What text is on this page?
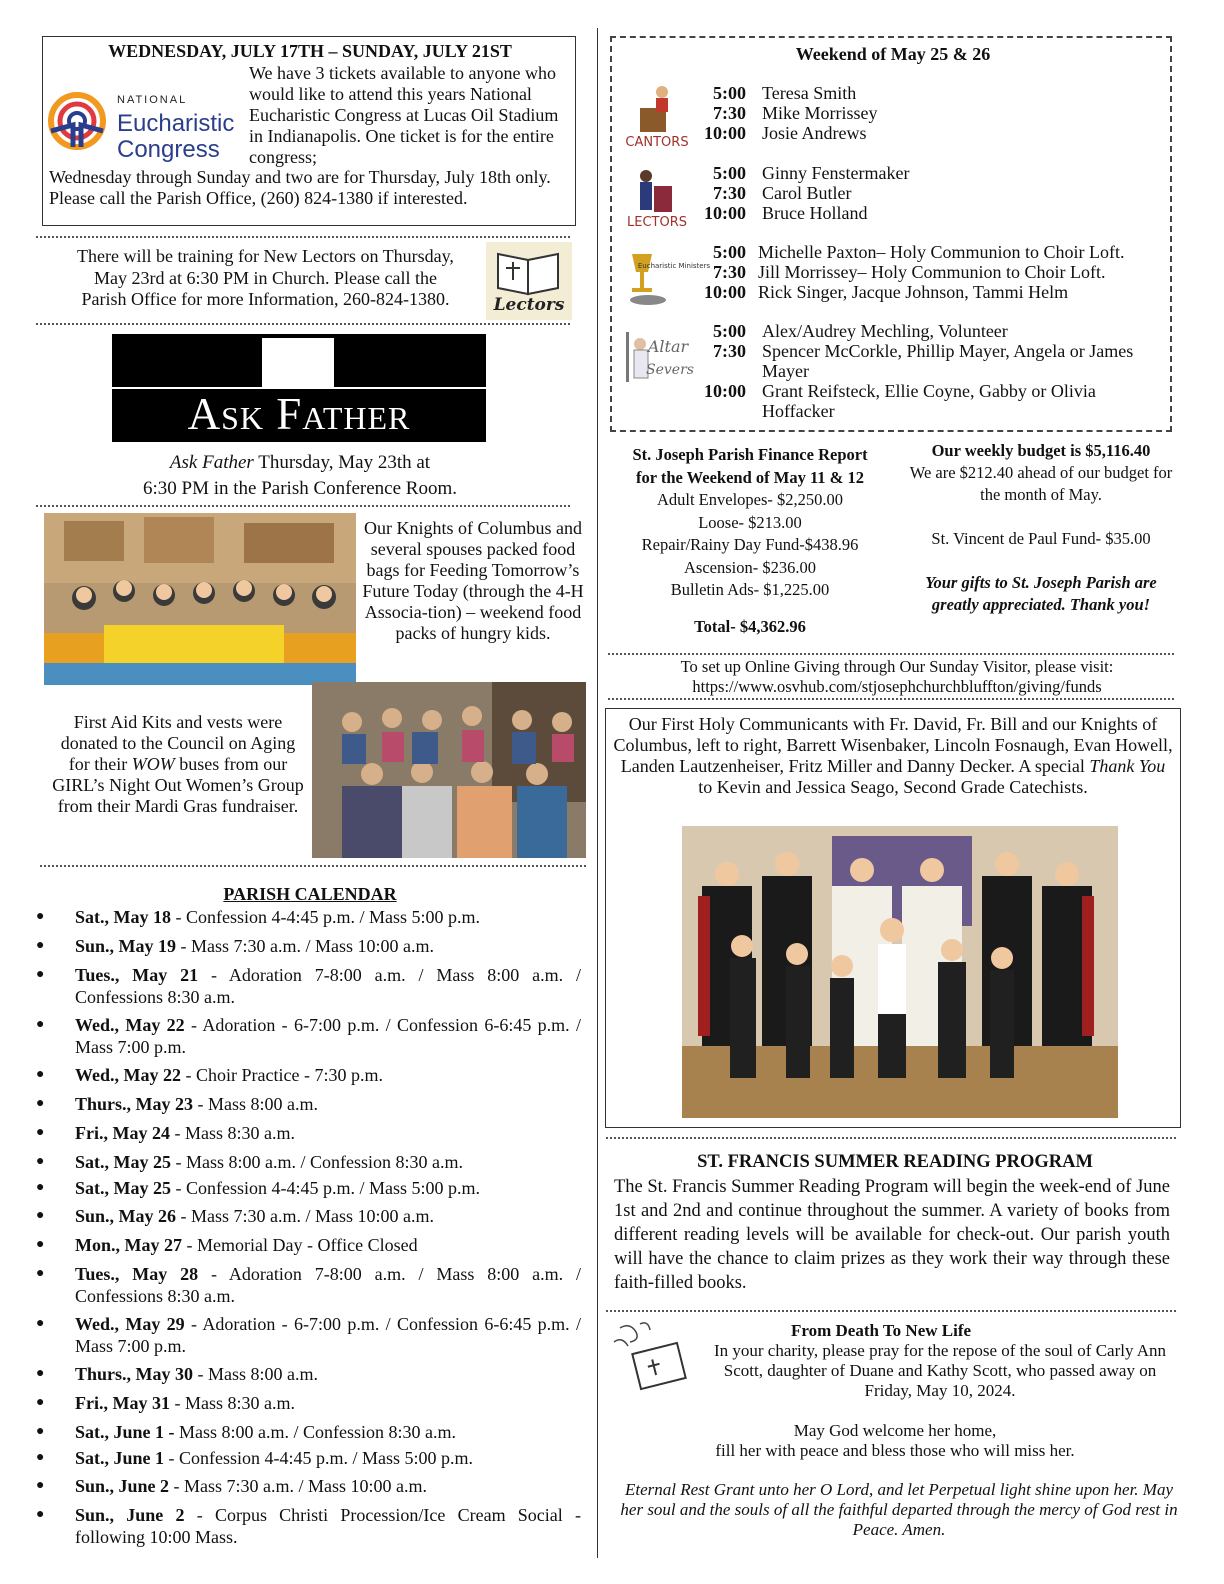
WEDNESDAY, JULY 17TH – SUNDAY, JULY 21ST
NATIONAL
Eucharistic
Congress
We have 3 tickets available to anyone who would like to attend this years National Eucharistic Congress at Lucas Oil Stadium in Indianapolis. One ticket is for the entire congress;
Wednesday through Sunday and two are for Thursday, July 18th only. Please call the Parish Office, (260) 824-1380 if interested.
There will be training for New Lectors on Thursday,
May 23rd at 6:30 PM in Church. Please call the
Parish Office for more Information, 260-824-1380.	Lectors
Ask Father
Ask Father Thursday, May 23th at
6:30 PM in the Parish Conference Room.
Our Knights of Columbus and several spouses packed food bags for Feeding Tomorrow’s Future Today (through the 4-H Associa-tion) – weekend food packs of hungry kids.
First Aid Kits and vests were donated to the Council on Aging for their WOW buses from our GIRL’s Night Out Women’s Group from their Mardi Gras fundraiser.
PARISH CALENDAR
● Sat., May 18 - Confession 4-4:45 p.m. / Mass 5:00 p.m.
● Sun., May 19 - Mass 7:30 a.m. / Mass 10:00 a.m.
● Tues., May 21 - Adoration 7-8:00 a.m. / Mass 8:00 a.m. / Confessions 8:30 a.m.
● Wed., May 22 - Adoration - 6-7:00 p.m. / Confession 6-6:45 p.m. / Mass 7:00 p.m.
● Wed., May 22 - Choir Practice - 7:30 p.m.
● Thurs., May 23 - Mass 8:00 a.m.
● Fri., May 24 - Mass 8:30 a.m.
● Sat., May 25 - Mass 8:00 a.m. / Confession 8:30 a.m.
● Sat., May 25 - Confession 4-4:45 p.m. / Mass 5:00 p.m.
● Sun., May 26 - Mass 7:30 a.m. / Mass 10:00 a.m.
● Mon., May 27 - Memorial Day - Office Closed
● Tues., May 28 - Adoration 7-8:00 a.m. / Mass 8:00 a.m. / Confessions 8:30 a.m.
● Wed., May 29 - Adoration - 6-7:00 p.m. / Confession 6-6:45 p.m. / Mass 7:00 p.m.
● Thurs., May 30 - Mass 8:00 a.m.
● Fri., May 31 - Mass 8:30 a.m.
● Sat., June 1 - Mass 8:00 a.m. / Confession 8:30 a.m.
● Sat., June 1 - Confession 4-4:45 p.m. / Mass 5:00 p.m.
● Sun., June 2 - Mass 7:30 a.m. / Mass 10:00 a.m.
● Sun., June 2 - Corpus Christi Procession/Ice Cream Social - following 10:00 Mass.
Weekend of May 25 & 26
CANTORS
LECTORS
Eucharistic Ministers
Altar
Severs
5:00 Teresa Smith
7:30 Mike Morrissey
10:00 Josie Andrews
5:00 Ginny Fenstermaker
7:30 Carol Butler
10:00 Bruce Holland
5:00 Michelle Paxton– Holy Communion to Choir Loft.
7:30 Jill Morrissey– Holy Communion to Choir Loft.
10:00 Rick Singer, Jacque Johnson, Tammi Helm
5:00 Alex/Audrey Mechling, Volunteer
7:30 Spencer McCorkle, Phillip Mayer, Angela or James Mayer
10:00 Grant Reifsteck, Ellie Coyne, Gabby or Olivia Hoffacker
St. Joseph Parish Finance Report
for the Weekend of May 11 & 12
Adult Envelopes- $2,250.00
Loose- $213.00
Repair/Rainy Day Fund-$438.96
Ascension- $236.00
Bulletin Ads- $1,225.00
Total- $4,362.96
Our weekly budget is $5,116.40
We are $212.40 ahead of our budget for the month of May.
St. Vincent de Paul Fund- $35.00
Your gifts to St. Joseph Parish are greatly appreciated. Thank you!
To set up Online Giving through Our Sunday Visitor, please visit:
https://www.osvhub.com/stjosephchurchbluffton/giving/funds
Our First Holy Communicants with Fr. David, Fr. Bill and our Knights of Columbus, left to right, Barrett Wisenbaker, Lincoln Fosnaugh, Evan Howell, Landen Lautzenheiser, Fritz Miller and Danny Decker. A special Thank You to Kevin and Jessica Seago, Second Grade Catechists.
ST. FRANCIS SUMMER READING PROGRAM
The St. Francis Summer Reading Program will begin the week-end of June 1st and 2nd and continue throughout the summer. A variety of books from different reading levels will be available for check-out. Our parish youth will have the chance to claim prizes as they work their way through these faith-filled books.
From Death To New Life
In your charity, please pray for the repose of the soul of Carly Ann Scott, daughter of Duane and Kathy Scott, who passed away on Friday, May 10, 2024.
May God welcome her home,
fill her with peace and bless those who will miss her.
Eternal Rest Grant unto her O Lord, and let Perpetual light shine upon her. May her soul and the souls of all the faithful departed through the mercy of God rest in Peace. Amen.
